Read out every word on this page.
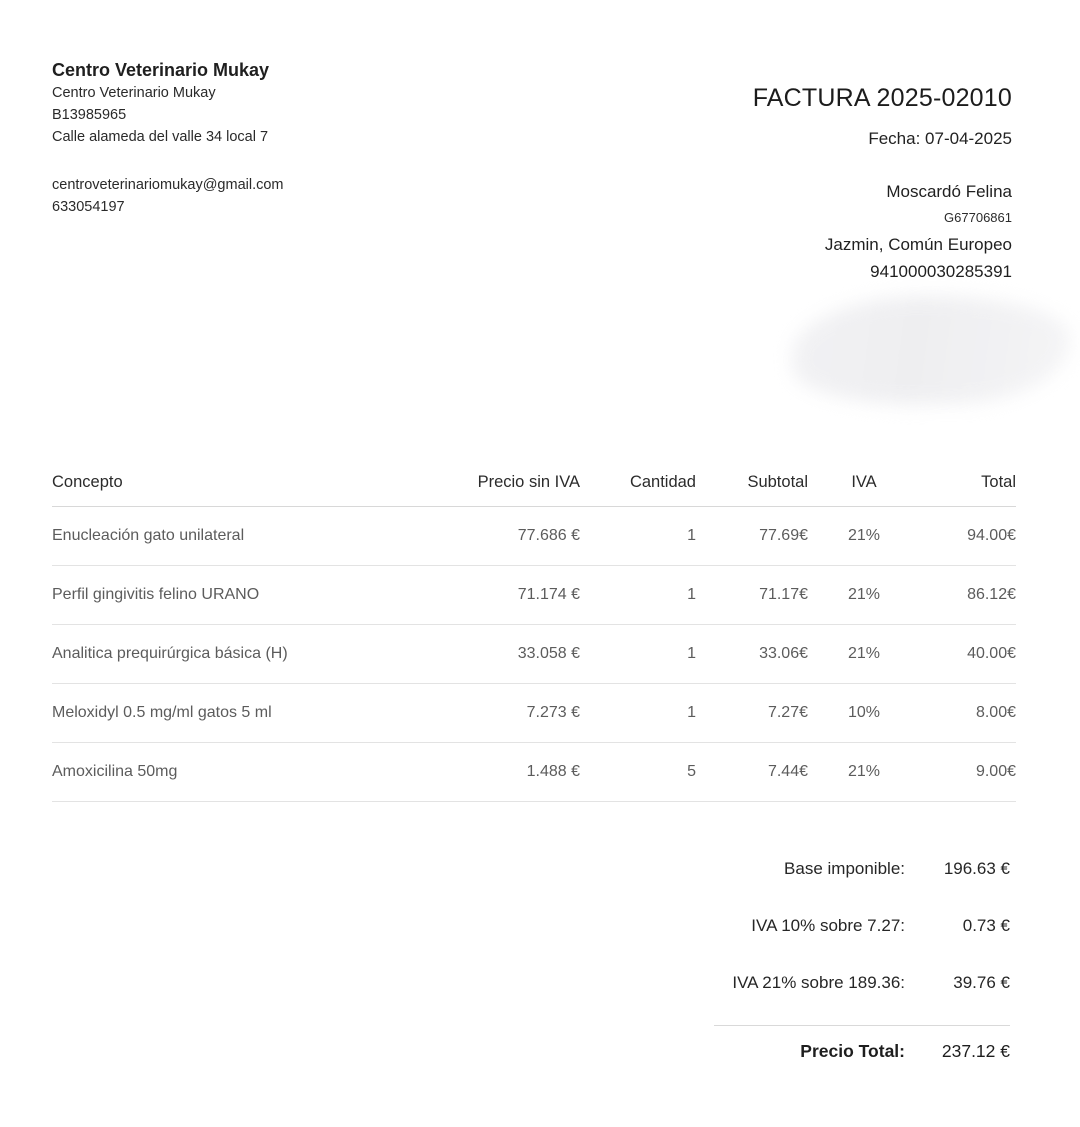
Centro Veterinario Mukay
Centro Veterinario Mukay
B13985965
Calle alameda del valle 34 local 7
centroveterinariomukay@gmail.com
633054197
FACTURA 2025-02010
Fecha: 07-04-2025
Moscardó Felina
G67706861
Jazmin, Común Europeo
941000030285391
Concepto	Precio sin IVA	Cantidad	Subtotal	IVA	Total
Enucleación gato unilateral	77.686 €	1	77.69€	21%	94.00€
Perfil gingivitis felino URANO	71.174 €	1	71.17€	21%	86.12€
Analitica prequirúrgica básica (H)	33.058 €	1	33.06€	21%	40.00€
Meloxidyl 0.5 mg/ml gatos 5 ml	7.273 €	1	7.27€	10%	8.00€
Amoxicilina 50mg	1.488 €	5	7.44€	21%	9.00€
Base imponible:	196.63 €
IVA 10% sobre 7.27:	0.73 €
IVA 21% sobre 189.36:	39.76 €
Precio Total:	237.12 €
